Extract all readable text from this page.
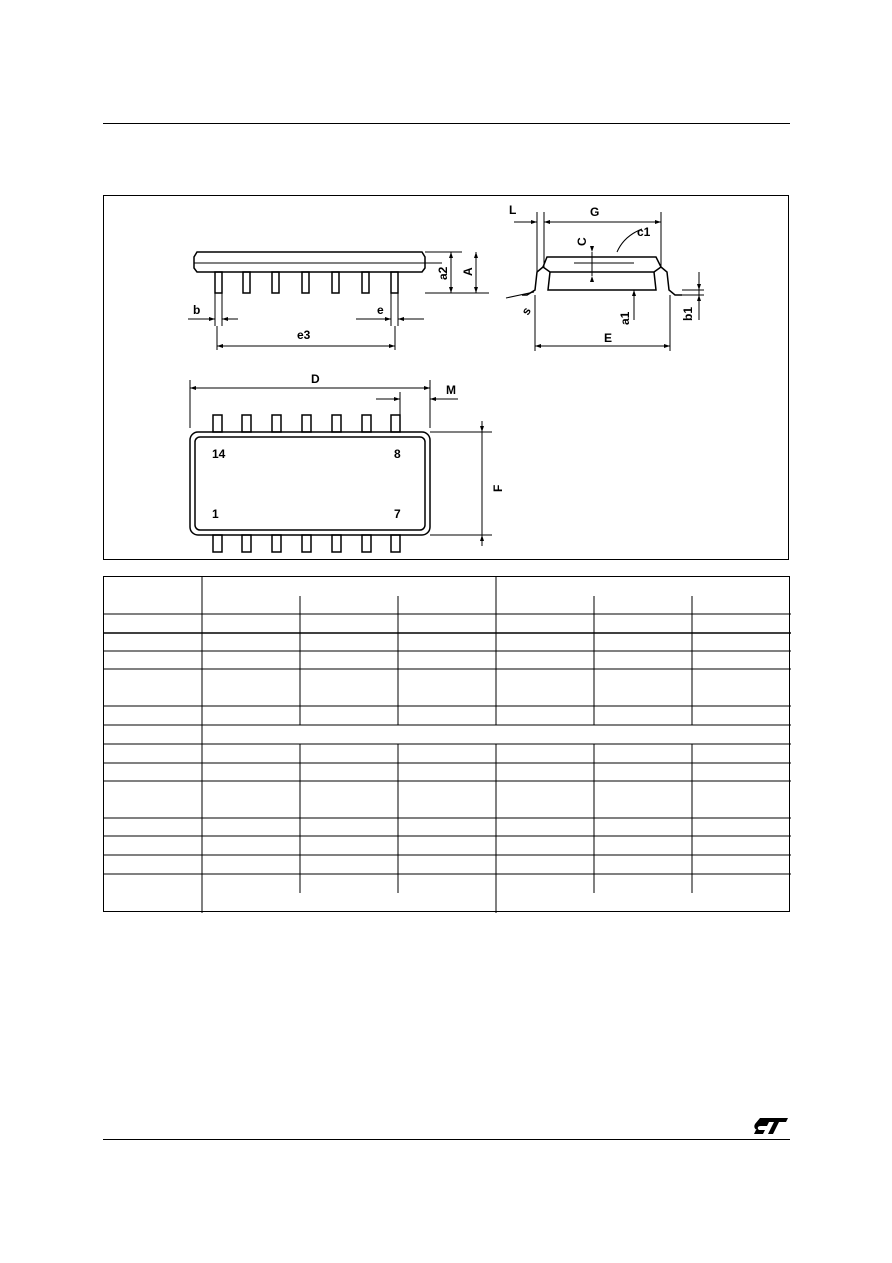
b	e
e3
a2 A
L	G
C
c1
s
a1	b1
E
D
M
F
14	8
1	7
